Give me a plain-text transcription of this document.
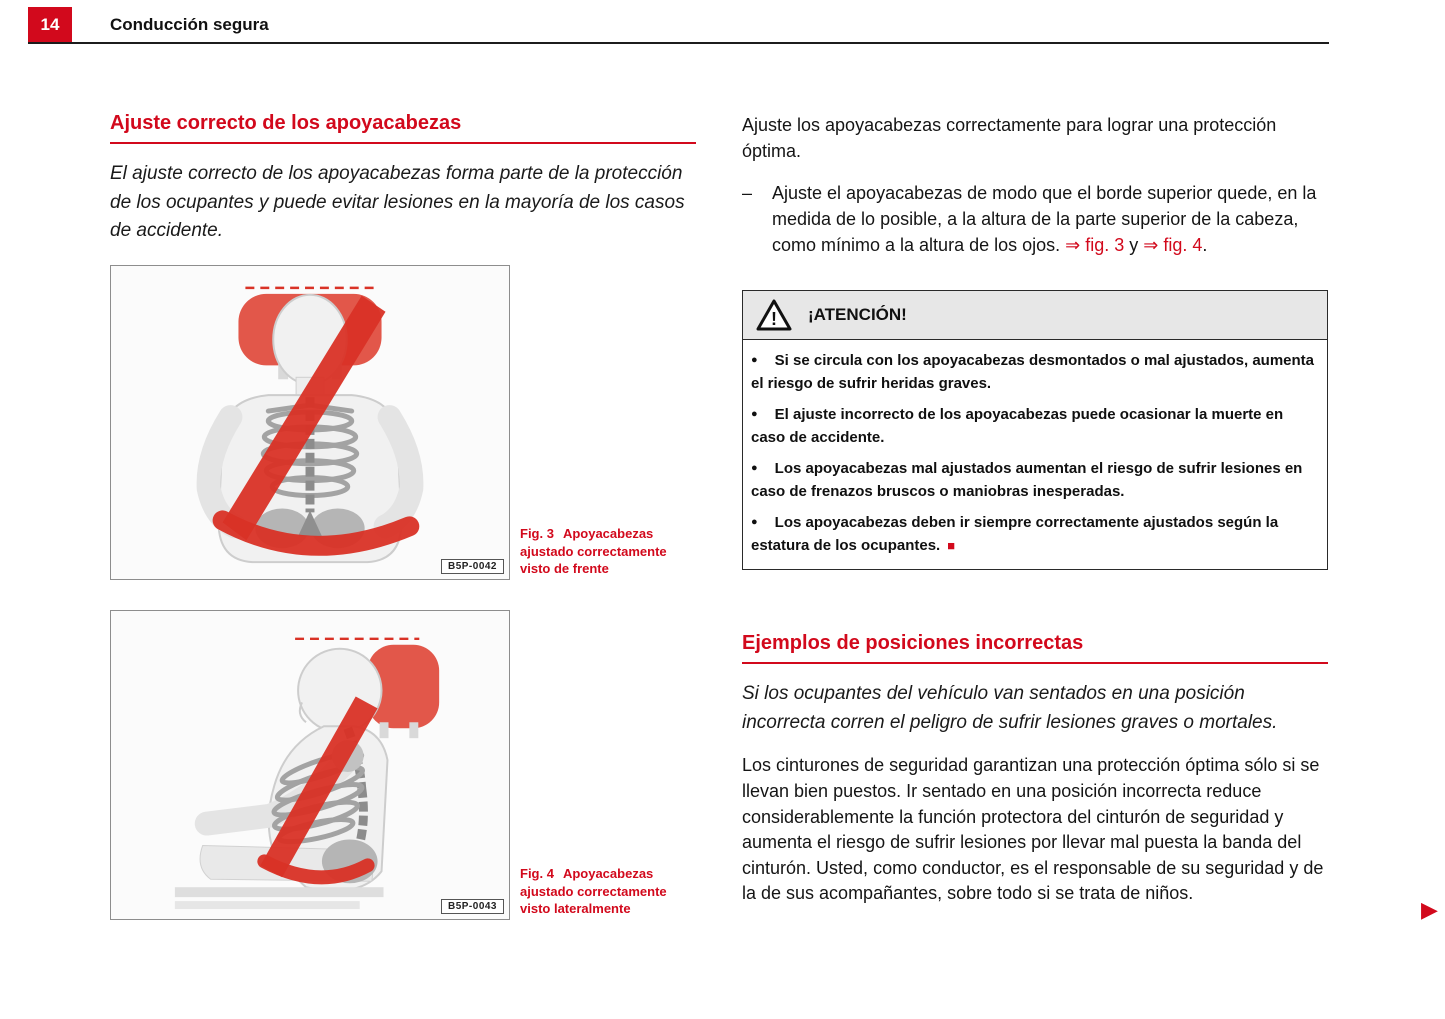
14	Conducción segura
Ajuste correcto de los apoyacabezas
El ajuste correcto de los apoyacabezas forma parte de la protección de los ocupantes y puede evitar lesiones en la mayoría de los casos de accidente.
B5P-0042
Fig. 3 Apoyacabezas ajustado correctamente visto de frente
B5P-0043
Fig. 4 Apoyacabezas ajustado correctamente visto lateralmente

Ajuste los apoyacabezas correctamente para lograr una protección óptima.

– Ajuste el apoyacabezas de modo que el borde superior quede, en la medida de lo posible, a la altura de la parte superior de la cabeza, como mínimo a la altura de los ojos. ⇒ fig. 3 y ⇒ fig. 4.
! ¡ATENCIÓN!
● Si se circula con los apoyacabezas desmontados o mal ajustados, aumenta el riesgo de sufrir heridas graves.
● El ajuste incorrecto de los apoyacabezas puede ocasionar la muerte en caso de accidente.
● Los apoyacabezas mal ajustados aumentan el riesgo de sufrir lesiones en caso de frenazos bruscos o maniobras inesperadas.
● Los apoyacabezas deben ir siempre correctamente ajustados según la estatura de los ocupantes. ■
Ejemplos de posiciones incorrectas
Si los ocupantes del vehículo van sentados en una posición incorrecta corren el peligro de sufrir lesiones graves o mortales.

Los cinturones de seguridad garantizan una protección óptima sólo si se llevan bien puestos. Ir sentado en una posición incorrecta reduce considerablemente la función protectora del cinturón de seguridad y aumenta el riesgo de sufrir lesiones por llevar mal puesta la banda del cinturón. Usted, como conductor, es el responsable de su seguridad y de la de sus acompañantes, sobre todo si se trata de niños.

▶
